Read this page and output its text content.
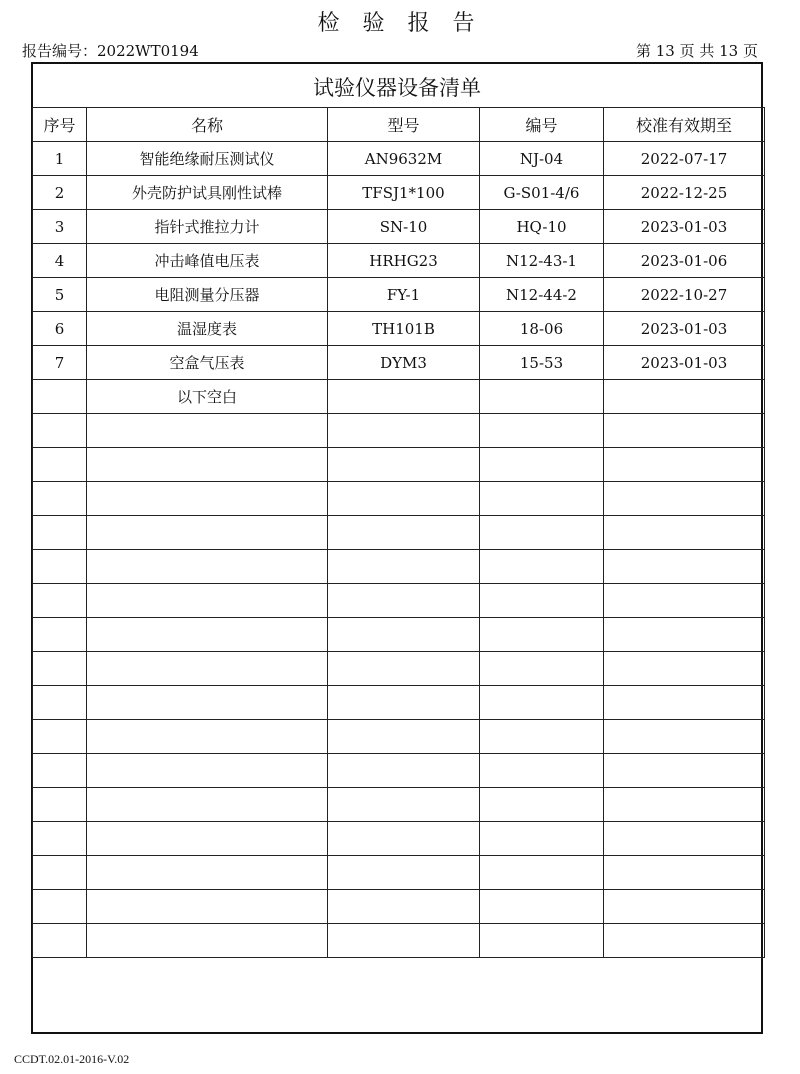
检 验 报 告
报告编号：2022WT0194	第 13 页 共 13 页
试验仪器设备清单
序号	名称	型号	编号	校准有效期至
1	智能绝缘耐压测试仪	AN9632M	NJ-04	2022-07-17
2	外壳防护试具刚性试棒	TFSJ1*100	G-S01-4/6	2022-12-25
3	指针式推拉力计	SN-10	HQ-10	2023-01-03
4	冲击峰值电压表	HRHG23	N12-43-1	2023-01-06
5	电阻测量分压器	FY-1	N12-44-2	2022-10-27
6	温湿度表	TH101B	18-06	2023-01-03
7	空盒气压表	DYM3	15-53	2023-01-03
	以下空白			

CCDT.02.01-2016-V.02
